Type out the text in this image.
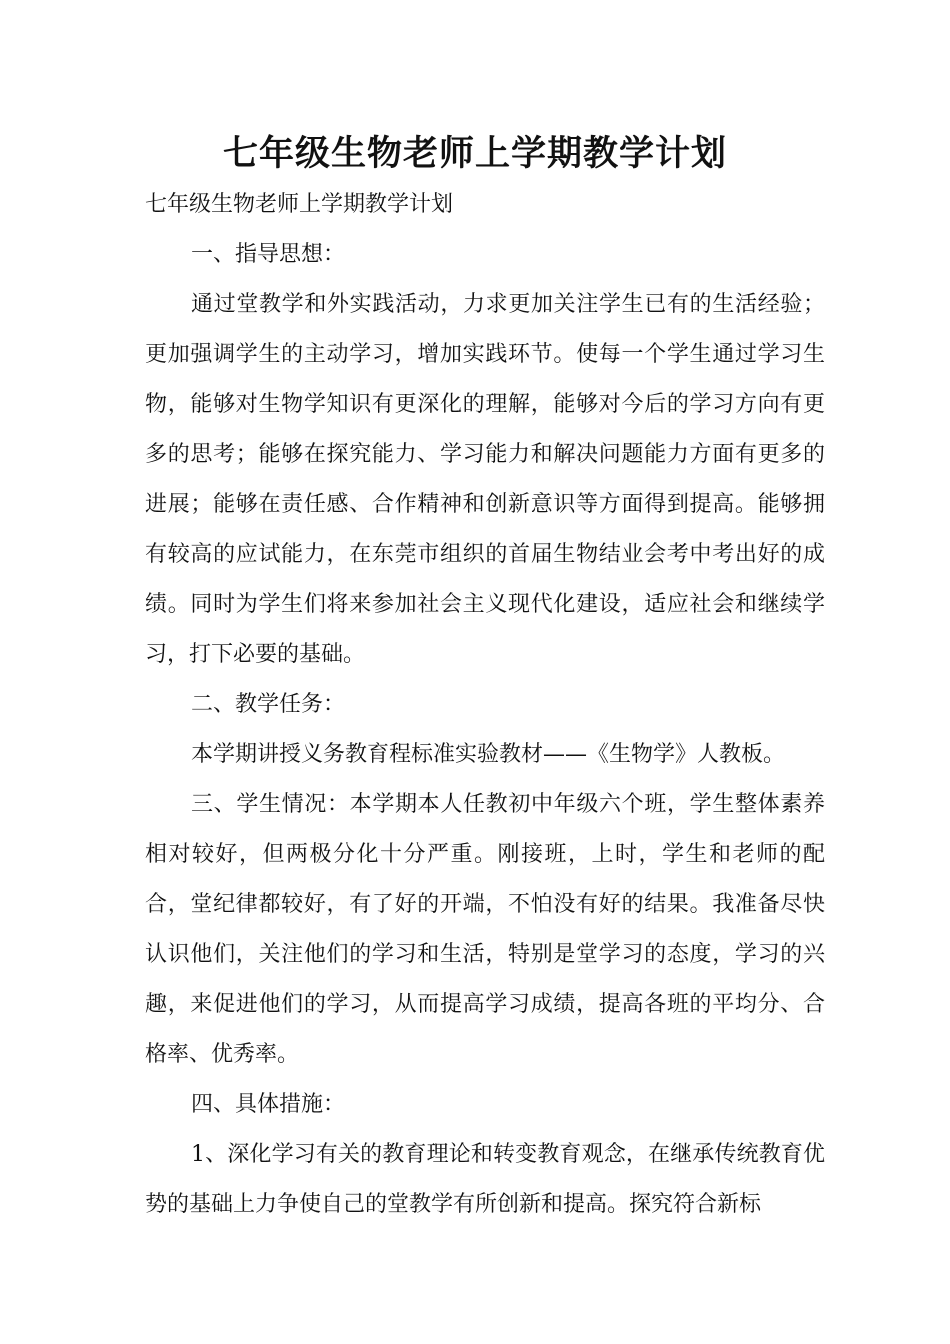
七年级生物老师上学期教学计划

七年级生物老师上学期教学计划

一、指导思想：

通过堂教学和外实践活动，力求更加关注学生已有的生活经验；更加强调学生的主动学习，增加实践环节。使每一个学生通过学习生物，能够对生物学知识有更深化的理解，能够对今后的学习方向有更多的思考；能够在探究能力、学习能力和解决问题能力方面有更多的进展；能够在责任感、合作精神和创新意识等方面得到提高。能够拥有较高的应试能力，在东莞市组织的首届生物结业会考中考出好的成绩。同时为学生们将来参加社会主义现代化建设，适应社会和继续学习，打下必要的基础。

二、教学任务：

本学期讲授义务教育程标准实验教材——《生物学》人教板。

三、学生情况：本学期本人任教初中年级六个班，学生整体素养相对较好，但两极分化十分严重。刚接班，上时，学生和老师的配合，堂纪律都较好，有了好的开端，不怕没有好的结果。我准备尽快认识他们，关注他们的学习和生活，特别是堂学习的态度，学习的兴趣，来促进他们的学习，从而提高学习成绩，提高各班的平均分、合格率、优秀率。

四、具体措施：

1、深化学习有关的教育理论和转变教育观念，在继承传统教育优势的基础上力争使自己的堂教学有所创新和提高。探究符合新标
